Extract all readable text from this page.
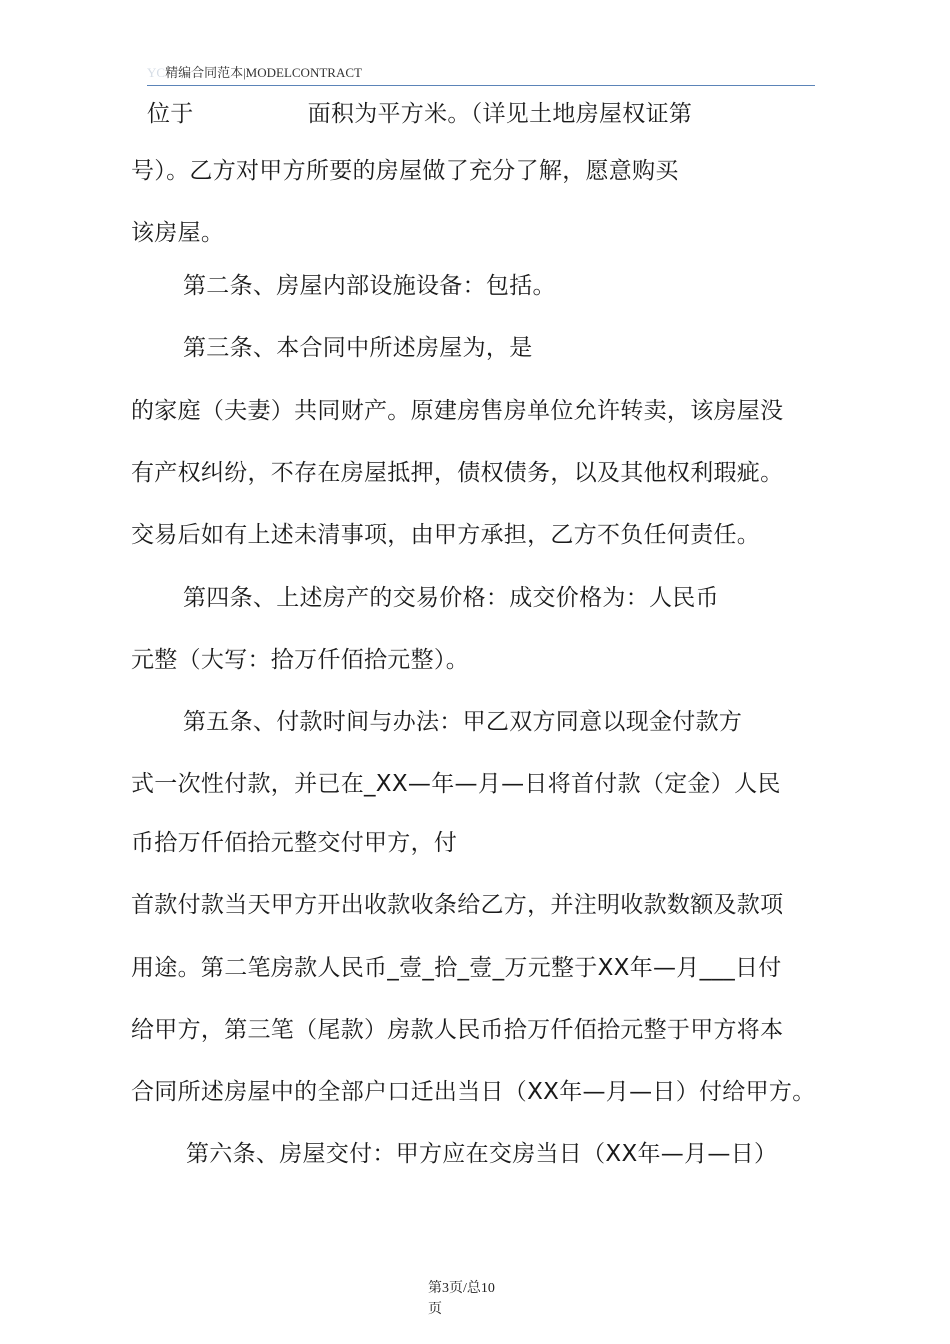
YC精编合同范本|MODELCONTRACT
位于	面积为平方米。（详见土地房屋权证第
号）。乙方对甲方所要的房屋做了充分了解，愿意购买
该房屋。
第二条、房屋内部设施设备：包括。
第三条、本合同中所述房屋为，是
的家庭（夫妻）共同财产。原建房售房单位允许转卖，该房屋没
有产权纠纷，不存在房屋抵押，债权债务，以及其他权利瑕疵。
交易后如有上述未清事项，由甲方承担，乙方不负任何责任。
第四条、上述房产的交易价格：成交价格为：人民币
元整（大写：拾万仟佰拾元整）。
第五条、付款时间与办法：甲乙双方同意以现金付款方
式一次性付款，并已在_XX—年—月—日将首付款（定金）人民
币拾万仟佰拾元整交付甲方，付
首款付款当天甲方开出收款收条给乙方，并注明收款数额及款项
用途。第二笔房款人民币_壹_拾_壹_万元整于XX年—月___日付
给甲方，第三笔（尾款）房款人民币拾万仟佰拾元整于甲方将本
合同所述房屋中的全部户口迁出当日（XX年—月—日）付给甲方。
第六条、房屋交付：甲方应在交房当日（XX年—月—日）
第3页/总10
页
